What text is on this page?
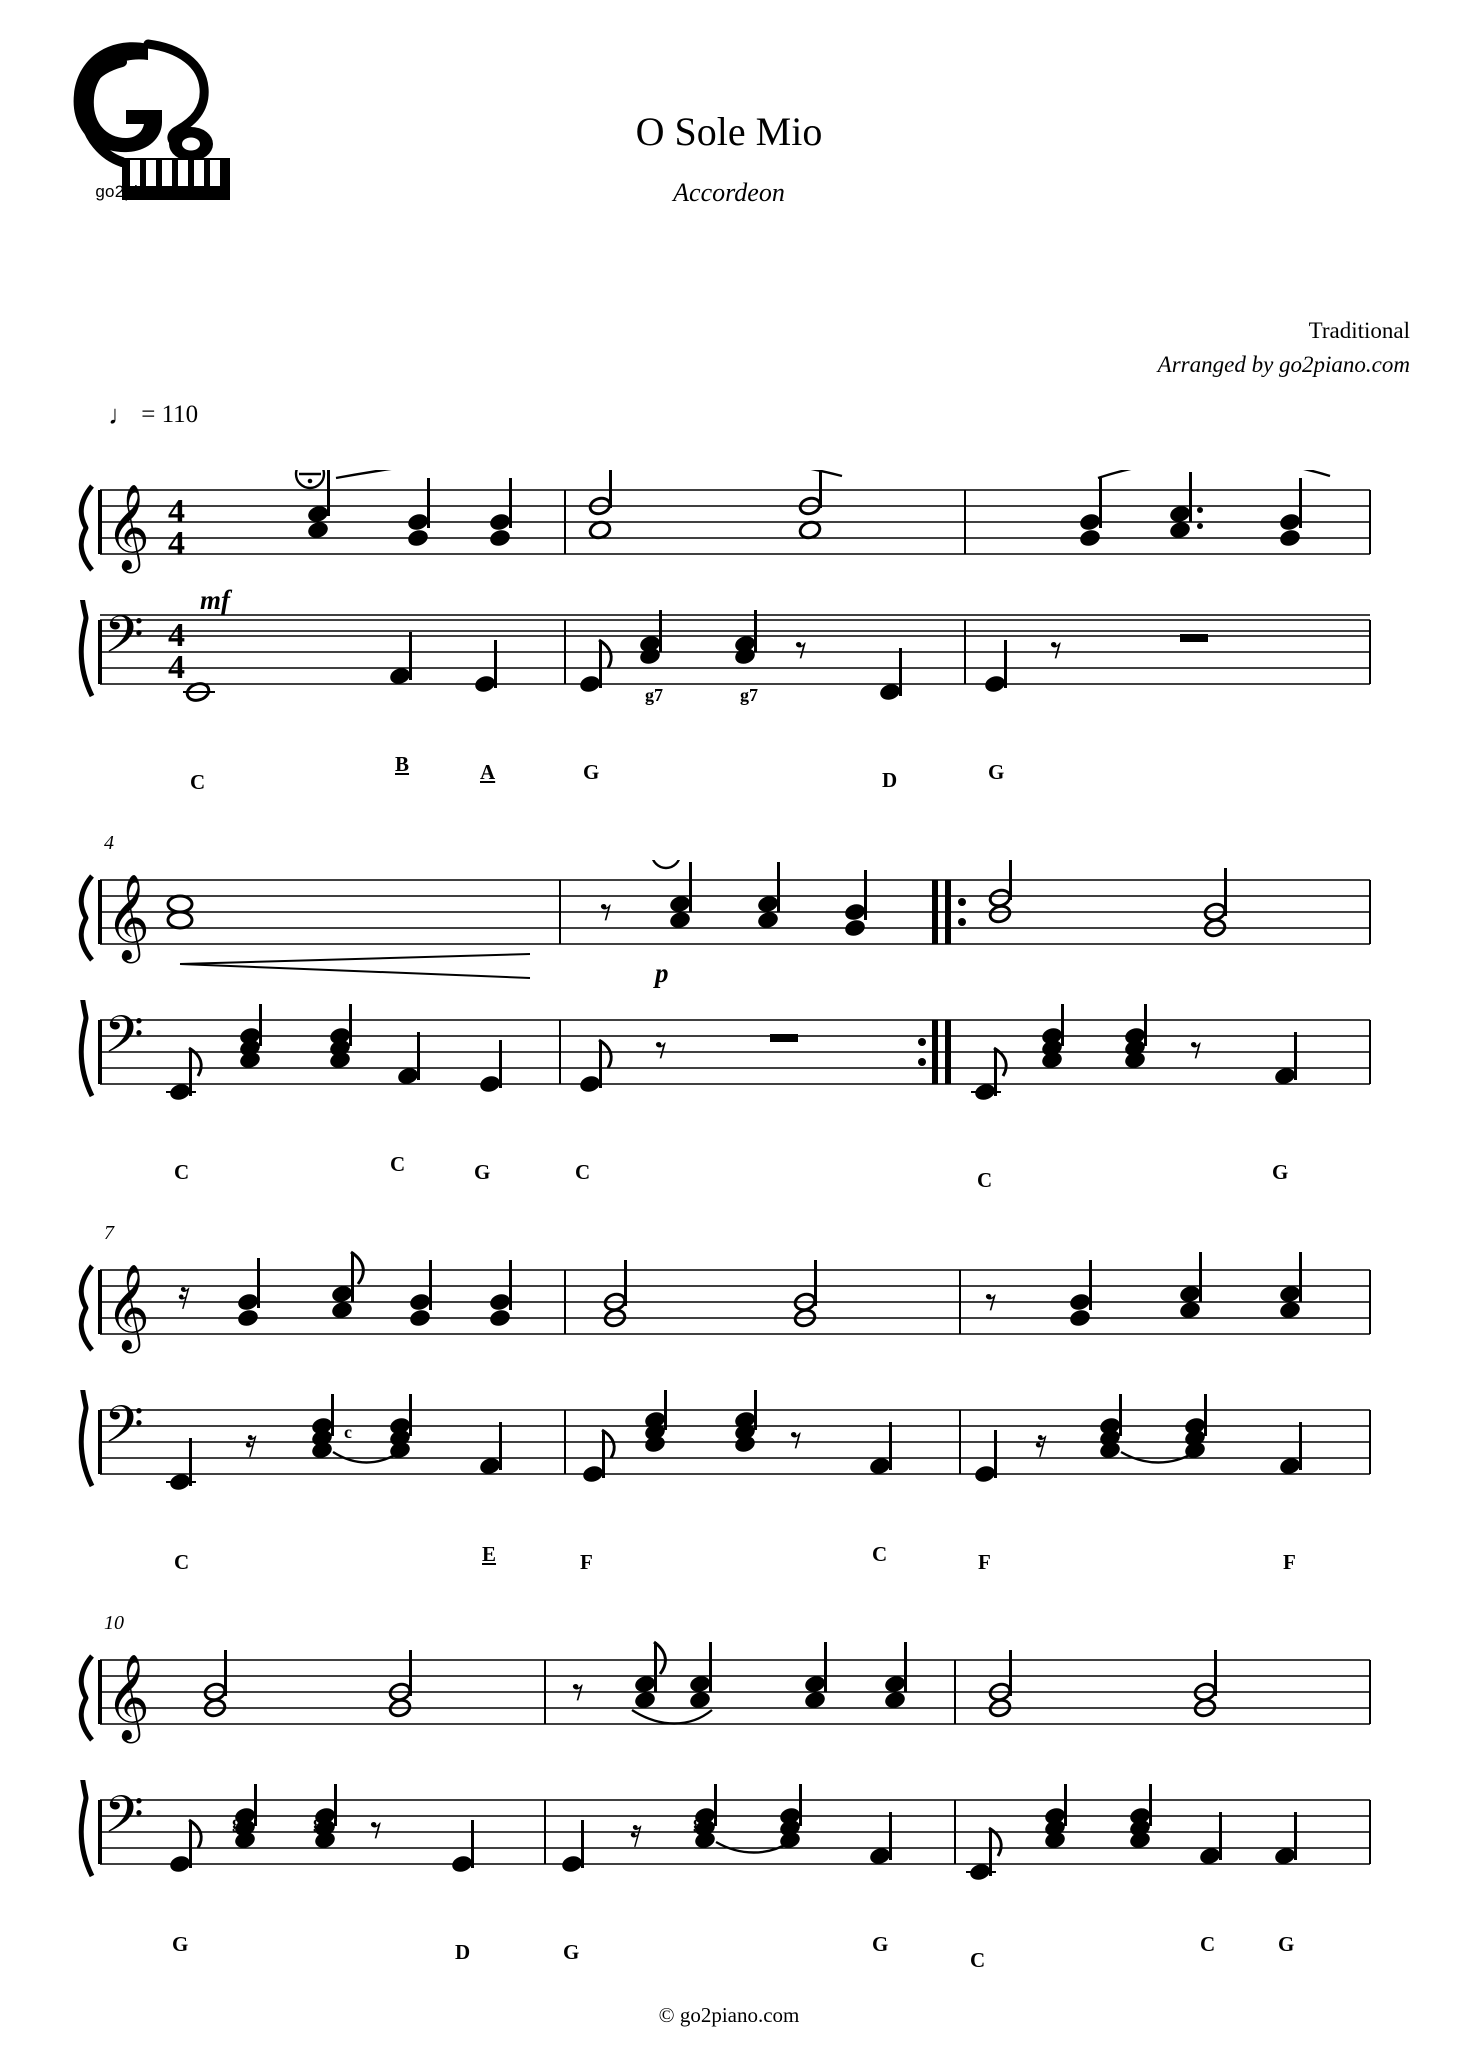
go2piano.com
O Sole Mio
Accordeon
Traditional
Arranged by go2piano.com
♩ = 110
𝄞 4
4
𝄢 4
4	𝄾	𝄾
mf
g7	g7
C
B	A	G	D	G
4
𝄞	𝄾
𝄢	𝄾	𝄾
p
c	c	c	c
C	C	G	C	C	G
7
𝄞 𝄿	𝄾
𝄢	𝄿	𝄾	𝄿
c	f	f	f
C	E	F	C	F	F
10
𝄞	𝄾
𝄢	𝄾	𝄿
g7	g7	g7	c	c
G	D	G	G
C
C	G
© go2piano.com
